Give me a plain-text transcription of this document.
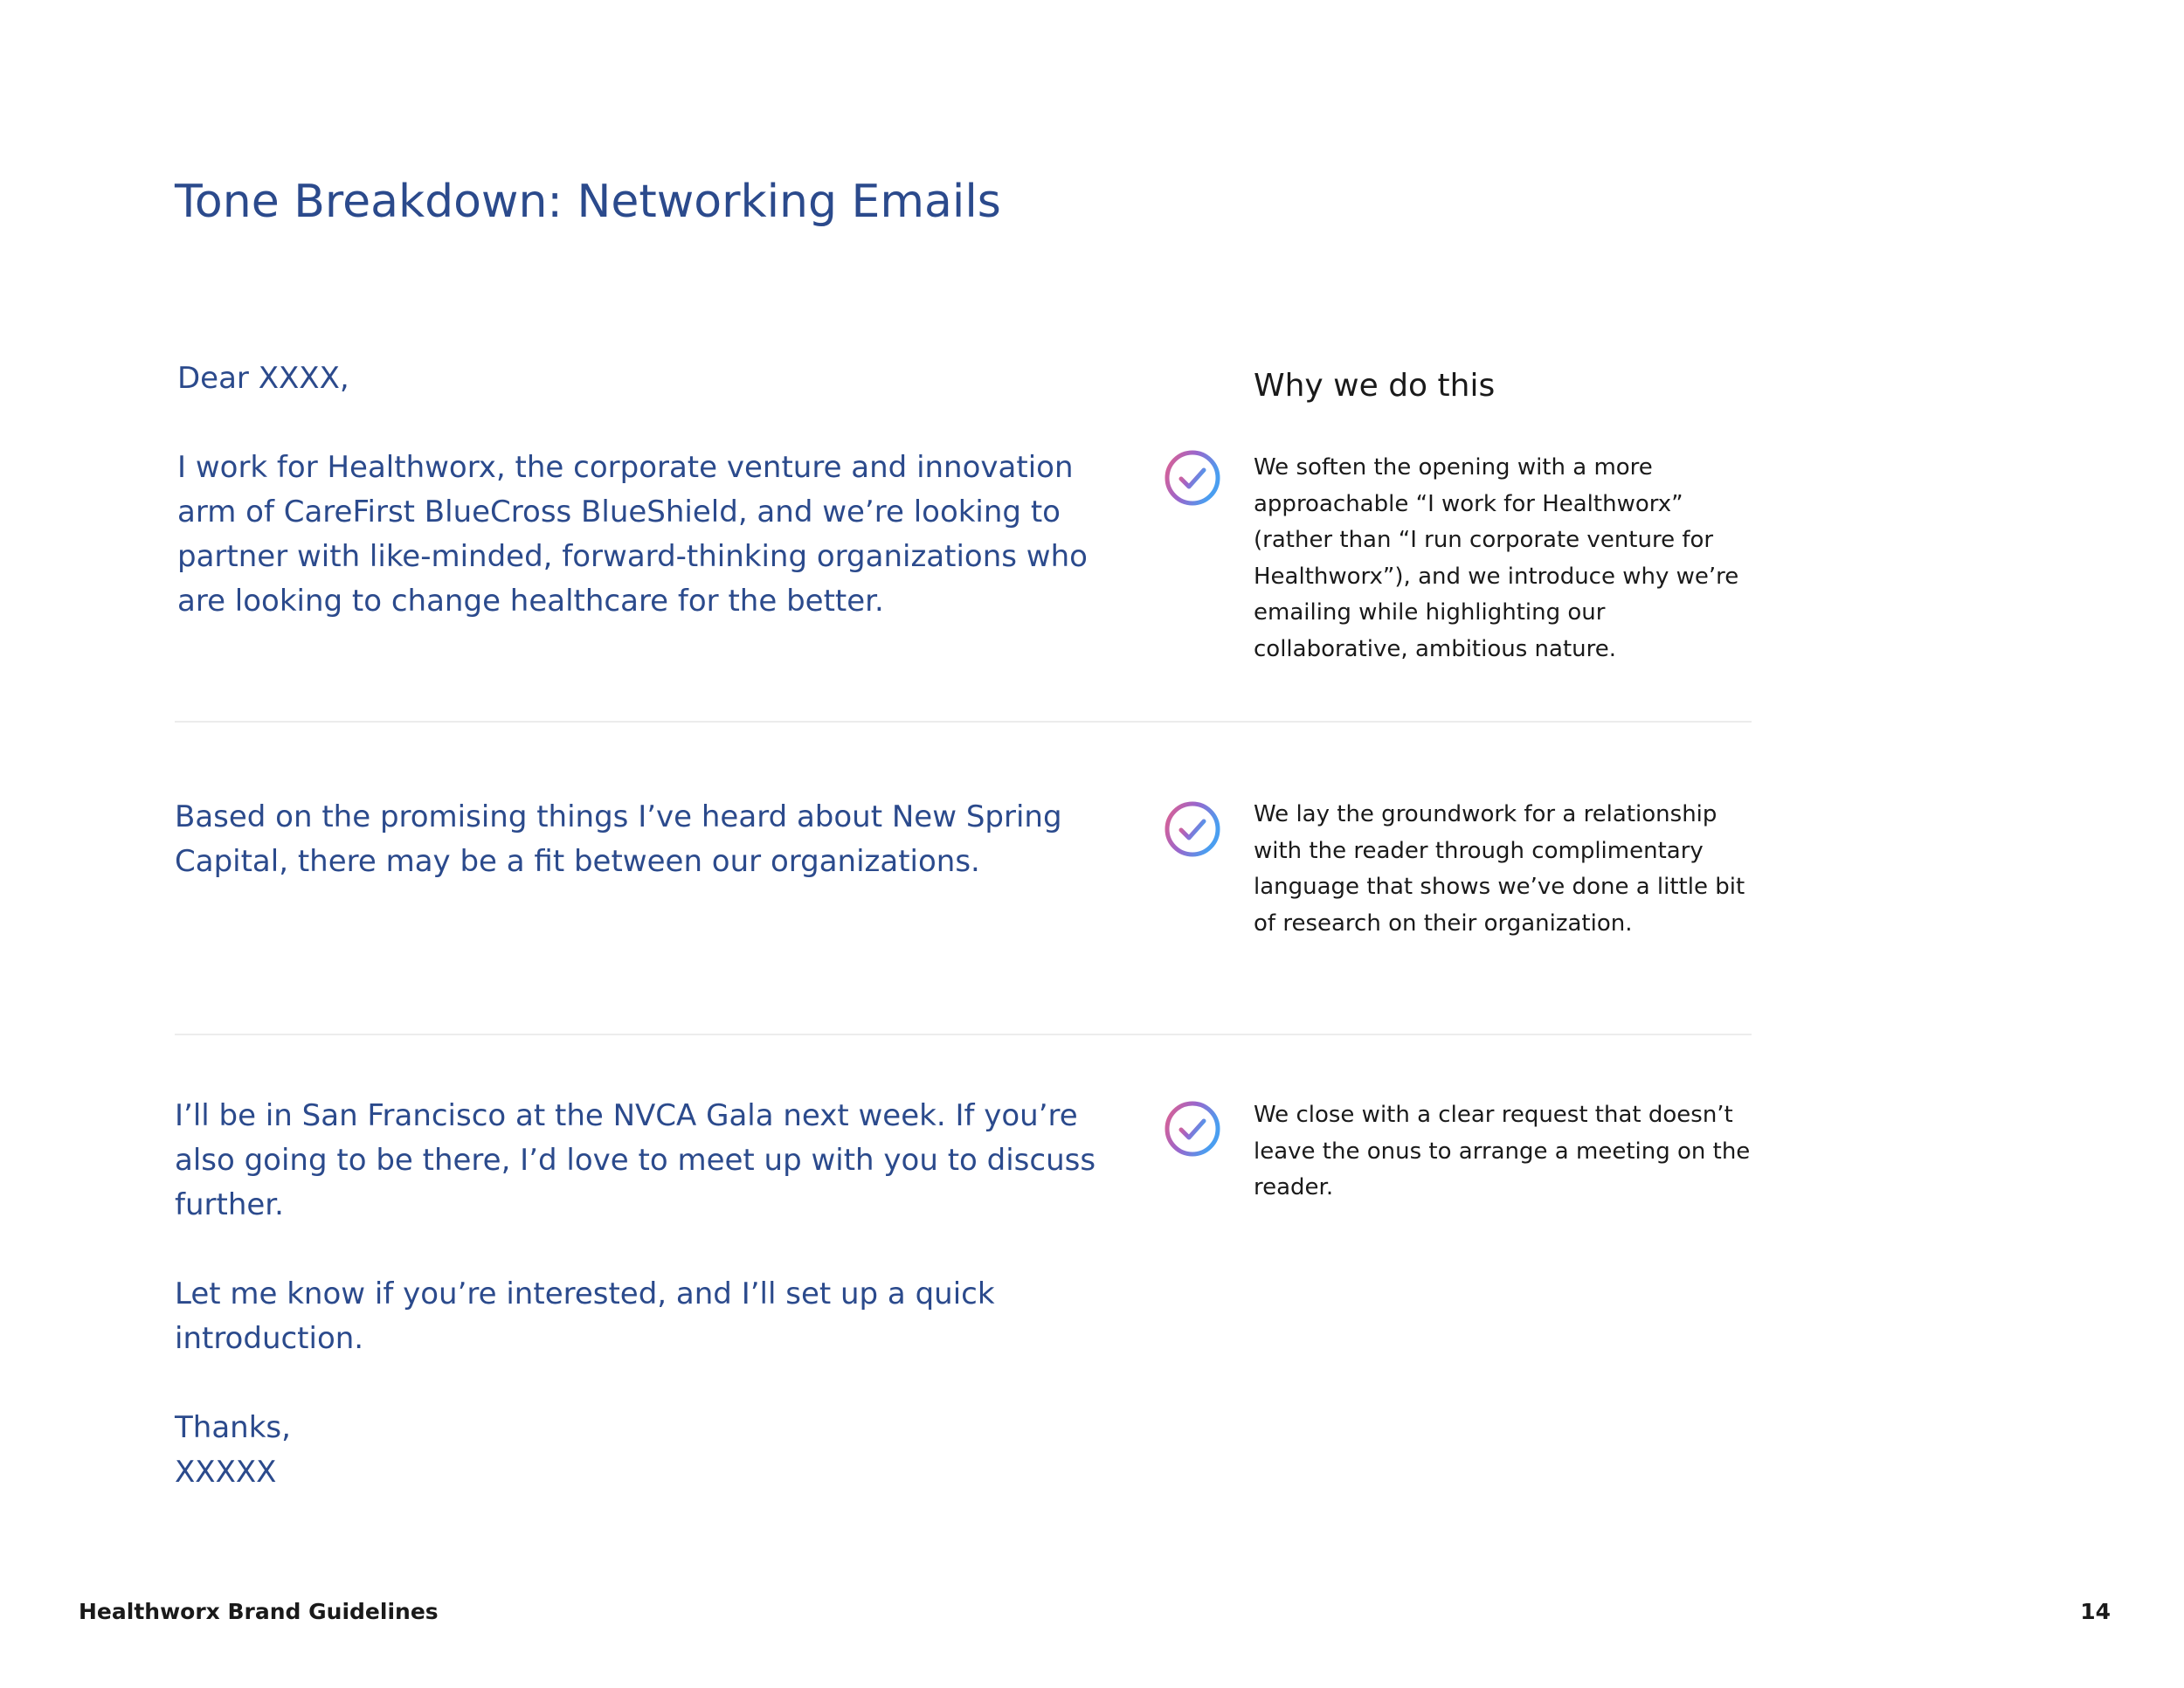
Tone Breakdown: Networking Emails

Dear XXXX,

I work for Healthworx, the corporate venture and innovation arm of CareFirst BlueCross BlueShield, and we’re looking to partner with like-minded, forward-thinking organizations who are looking to change healthcare for the better.

Why we do this

We soften the opening with a more approachable “I work for Healthworx” (rather than “I run corporate venture for Healthworx”), and we introduce why we’re emailing while highlighting our collaborative, ambitious nature.

Based on the promising things I’ve heard about New Spring Capital, there may be a fit between our organizations.

We lay the groundwork for a relationship with the reader through complimentary language that shows we’ve done a little bit of research on their organization.

I’ll be in San Francisco at the NVCA Gala next week. If you’re also going to be there, I’d love to meet up with you to discuss further.

Let me know if you’re interested, and I’ll set up a quick introduction.

Thanks,
XXXXX

We close with a clear request that doesn’t leave the onus to arrange a meeting on the reader.

Healthworx Brand Guidelines	14
